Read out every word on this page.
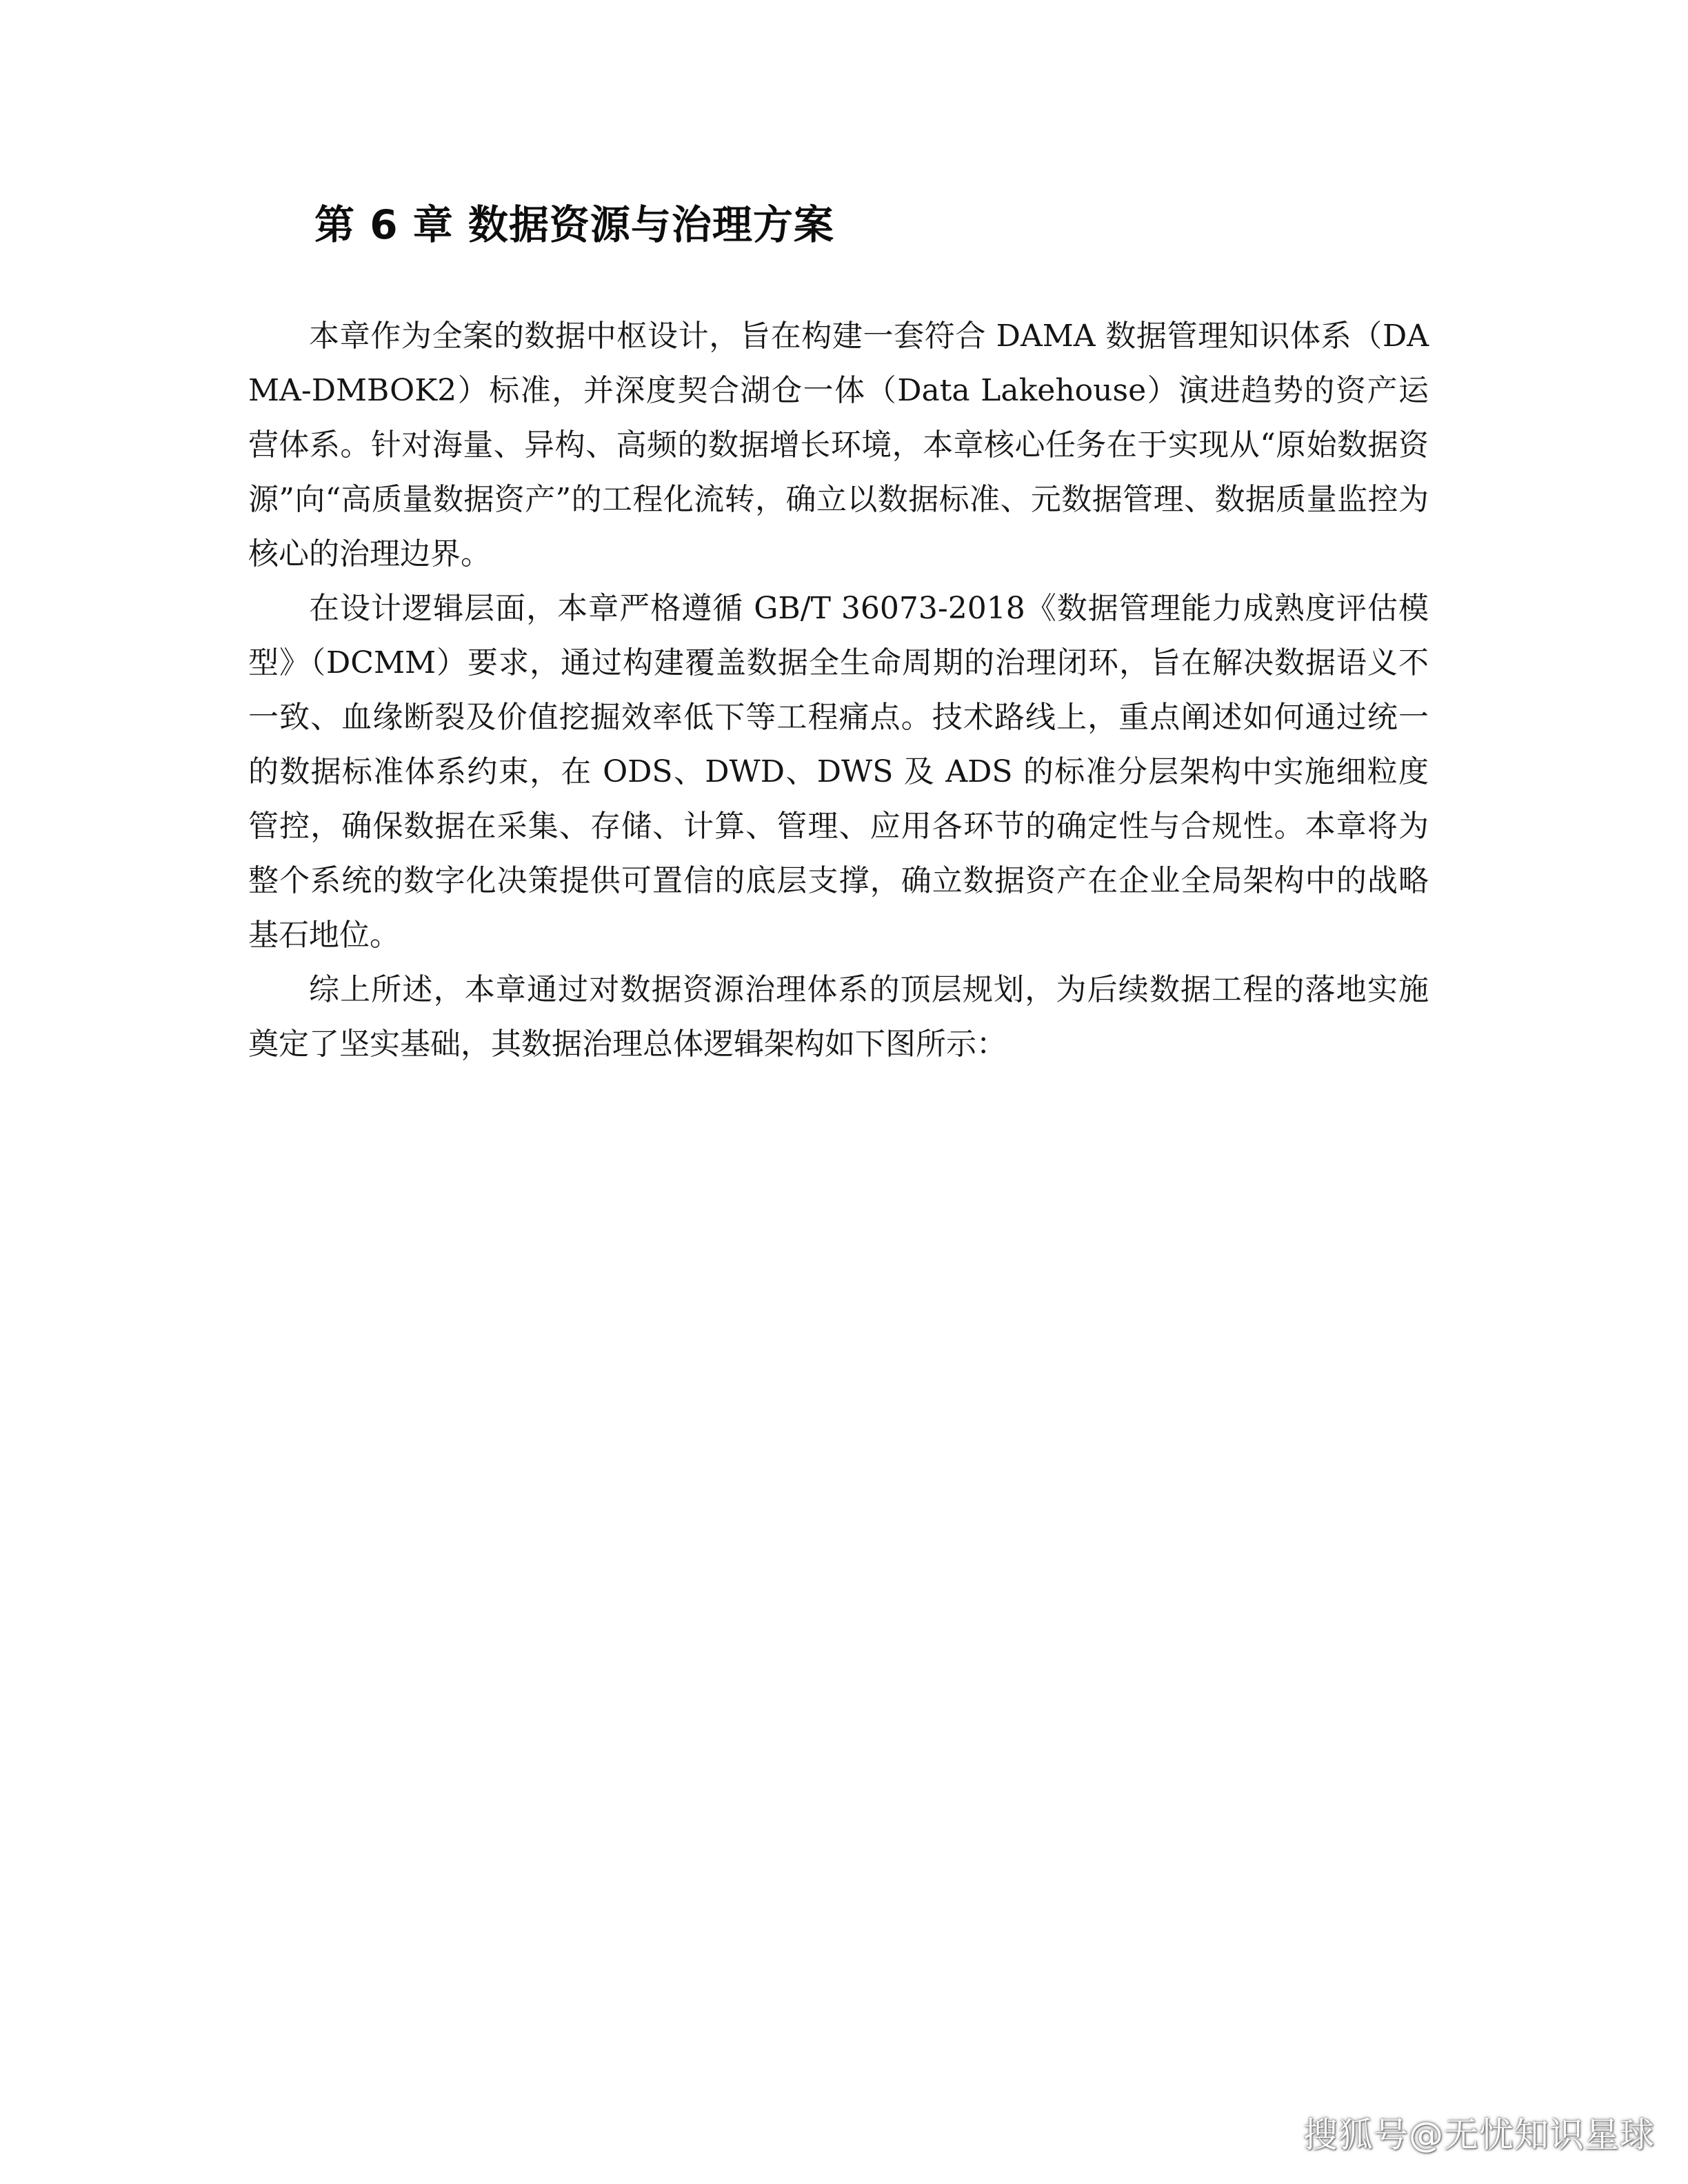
第 6 章 数据资源与治理方案

本章作为全案的数据中枢设计，旨在构建一套符合 DAMA 数据管理知识体系（DAMA-DMBOK2）标准，并深度契合湖仓一体（Data Lakehouse）演进趋势的资产运营体系。针对海量、异构、高频的数据增长环境，本章核心任务在于实现从“原始数据资源”向“高质量数据资产”的工程化流转，确立以数据标准、元数据管理、数据质量监控为核心的治理边界。

在设计逻辑层面，本章严格遵循 GB/T 36073-2018《数据管理能力成熟度评估模型》（DCMM）要求，通过构建覆盖数据全生命周期的治理闭环，旨在解决数据语义不一致、血缘断裂及价值挖掘效率低下等工程痛点。技术路线上，重点阐述如何通过统一的数据标准体系约束，在 ODS、DWD、DWS 及 ADS 的标准分层架构中实施细粒度管控，确保数据在采集、存储、计算、管理、应用各环节的确定性与合规性。本章将为整个系统的数字化决策提供可置信的底层支撑，确立数据资产在企业全局架构中的战略基石地位。

综上所述，本章通过对数据资源治理体系的顶层规划，为后续数据工程的落地实施奠定了坚实基础，其数据治理总体逻辑架构如下图所示：

搜狐号@无忧知识星球
